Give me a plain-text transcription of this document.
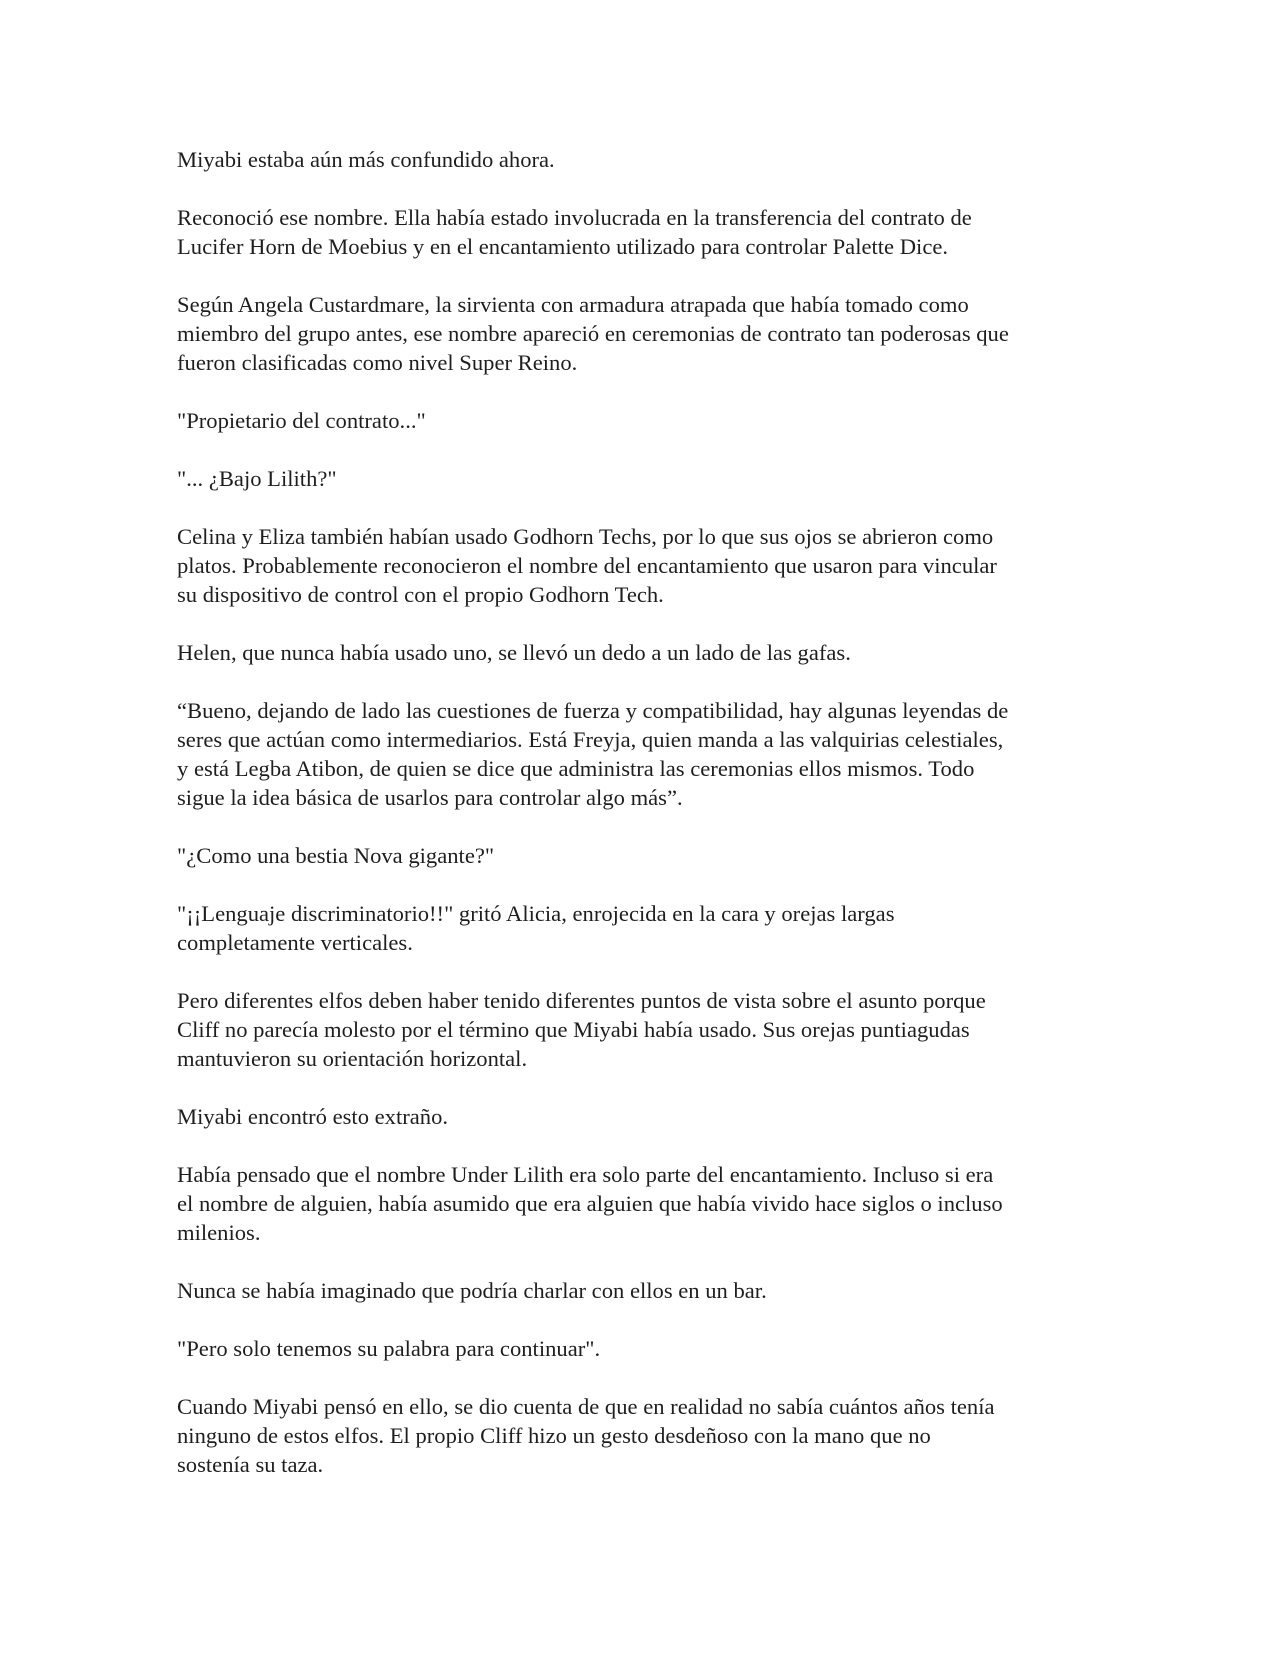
Miyabi estaba aún más confundido ahora.

Reconoció ese nombre. Ella había estado involucrada en la transferencia del contrato de
Lucifer Horn de Moebius y en el encantamiento utilizado para controlar Palette Dice.

Según Angela Custardmare, la sirvienta con armadura atrapada que había tomado como
miembro del grupo antes, ese nombre apareció en ceremonias de contrato tan poderosas que
fueron clasificadas como nivel Super Reino.

"Propietario del contrato..."

"... ¿Bajo Lilith?"

Celina y Eliza también habían usado Godhorn Techs, por lo que sus ojos se abrieron como
platos. Probablemente reconocieron el nombre del encantamiento que usaron para vincular
su dispositivo de control con el propio Godhorn Tech.

Helen, que nunca había usado uno, se llevó un dedo a un lado de las gafas.

“Bueno, dejando de lado las cuestiones de fuerza y compatibilidad, hay algunas leyendas de
seres que actúan como intermediarios. Está Freyja, quien manda a las valquirias celestiales,
y está Legba Atibon, de quien se dice que administra las ceremonias ellos mismos. Todo
sigue la idea básica de usarlos para controlar algo más”.

"¿Como una bestia Nova gigante?"

"¡¡Lenguaje discriminatorio!!" gritó Alicia, enrojecida en la cara y orejas largas
completamente verticales.

Pero diferentes elfos deben haber tenido diferentes puntos de vista sobre el asunto porque
Cliff no parecía molesto por el término que Miyabi había usado. Sus orejas puntiagudas
mantuvieron su orientación horizontal.

Miyabi encontró esto extraño.

Había pensado que el nombre Under Lilith era solo parte del encantamiento. Incluso si era
el nombre de alguien, había asumido que era alguien que había vivido hace siglos o incluso
milenios.

Nunca se había imaginado que podría charlar con ellos en un bar.

"Pero solo tenemos su palabra para continuar".

Cuando Miyabi pensó en ello, se dio cuenta de que en realidad no sabía cuántos años tenía
ninguno de estos elfos. El propio Cliff hizo un gesto desdeñoso con la mano que no
sostenía su taza.
